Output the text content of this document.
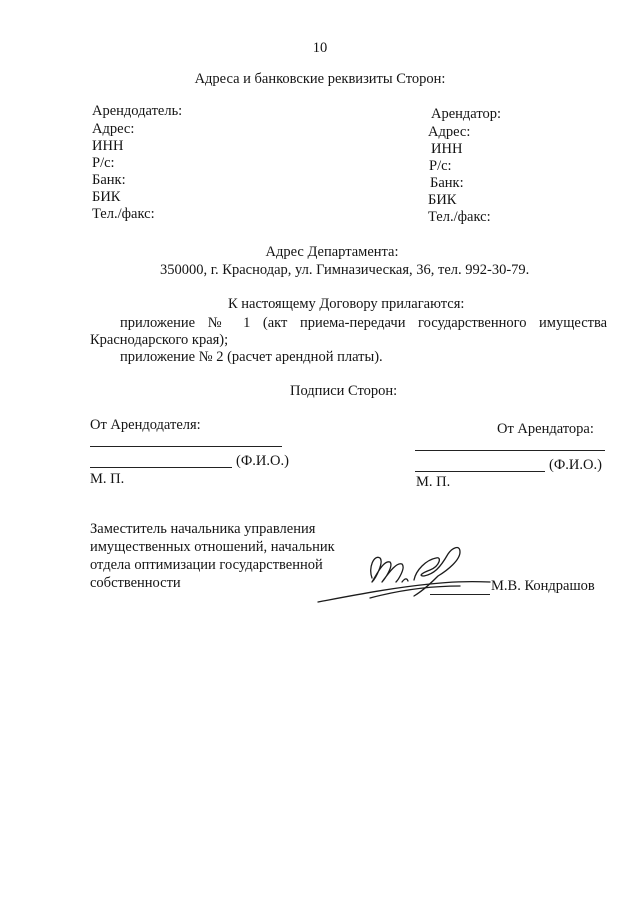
10
Адреса и банковские реквизиты Сторон:
Арендодатель:
Адрес:
ИНН
Р/с:
Банк:
БИК
Тел./факс:
Арендатор:
Адрес:
ИНН
Р/с:
Банк:
БИК
Тел./факс:
Адрес Департамента:
350000, г. Краснодар, ул. Гимназическая, 36, тел. 992-30-79.
К настоящему Договору прилагаются:
приложение № 1 (акт приема-передачи государственного имущества
Краснодарского края);
приложение № 2 (расчет арендной платы).
Подписи Сторон:
От Арендодателя:	От Арендатора:
(Ф.И.О.)
М. П.
(Ф.И.О.)
М. П.
Заместитель начальника управления
имущественных отношений, начальник
отдела оптимизации государственной
собственности	М.В. Кондрашов
